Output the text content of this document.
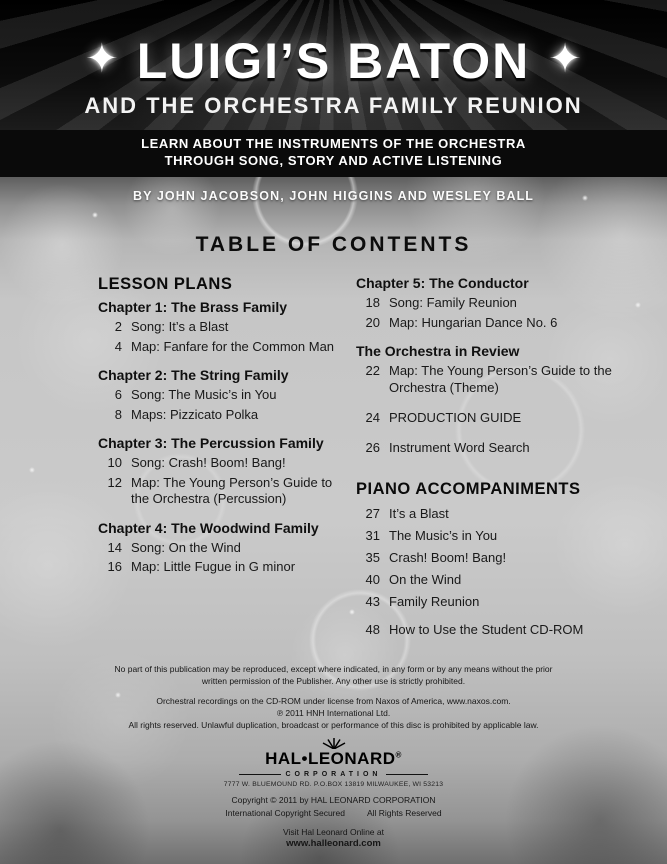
✦ LUIGI’S BATON ✦
AND THE ORCHESTRA FAMILY REUNION
LEARN ABOUT THE INSTRUMENTS OF THE ORCHESTRA
THROUGH SONG, STORY AND ACTIVE LISTENING
BY JOHN JACOBSON, JOHN HIGGINS AND WESLEY BALL
TABLE OF CONTENTS
LESSON PLANS
Chapter 1: The Brass Family
2 Song: It’s a Blast
4 Map: Fanfare for the Common Man
Chapter 2: The String Family
6 Song: The Music’s in You
8 Maps: Pizzicato Polka
Chapter 3: The Percussion Family
10 Song: Crash! Boom! Bang!
12 Map: The Young Person’s Guide to the Orchestra (Percussion)
Chapter 4: The Woodwind Family
14 Song: On the Wind
16 Map: Little Fugue in G minor
Chapter 5: The Conductor
18 Song: Family Reunion
20 Map: Hungarian Dance No. 6
The Orchestra in Review
22 Map: The Young Person’s Guide to the Orchestra (Theme)
24 PRODUCTION GUIDE
26 Instrument Word Search
PIANO ACCOMPANIMENTS
27 It’s a Blast
31 The Music’s in You
35 Crash! Boom! Bang!
40 On the Wind
43 Family Reunion
48 How to Use the Student CD-ROM

No part of this publication may be reproduced, except where indicated, in any form or by any means without the prior written permission of the Publisher. Any other use is strictly prohibited.

Orchestral recordings on the CD-ROM under license from Naxos of America, www.naxos.com.
℗ 2011 HNH International Ltd.
All rights reserved. Unlawful duplication, broadcast or performance of this disc is prohibited by applicable law.

HAL•LEONARD®
CORPORATION
7777 W. BLUEMOUND RD. P.O.BOX 13819 MILWAUKEE, WI 53213
Copyright © 2011 by HAL LEONARD CORPORATION
International Copyright Secured	All Rights Reserved
Visit Hal Leonard Online at
www.halleonard.com
